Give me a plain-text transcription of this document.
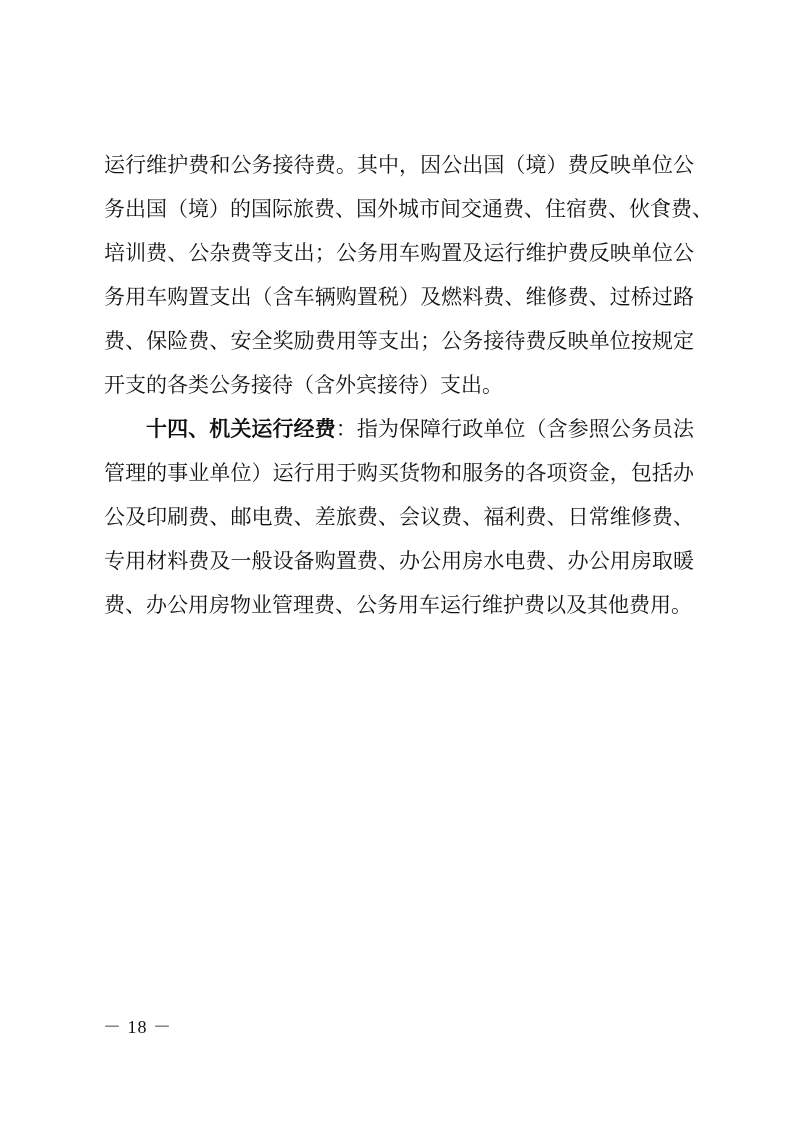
运行维护费和公务接待费。其中，因公出国（境）费反映单位公
务出国（境）的国际旅费、国外城市间交通费、住宿费、伙食费、
培训费、公杂费等支出；公务用车购置及运行维护费反映单位公
务用车购置支出（含车辆购置税）及燃料费、维修费、过桥过路
费、保险费、安全奖励费用等支出；公务接待费反映单位按规定
开支的各类公务接待（含外宾接待）支出。
十四、机关运行经费：指为保障行政单位（含参照公务员法
管理的事业单位）运行用于购买货物和服务的各项资金，包括办
公及印刷费、邮电费、差旅费、会议费、福利费、日常维修费、
专用材料费及一般设备购置费、办公用房水电费、办公用房取暖
费、办公用房物业管理费、公务用车运行维护费以及其他费用。
－ 18 －
